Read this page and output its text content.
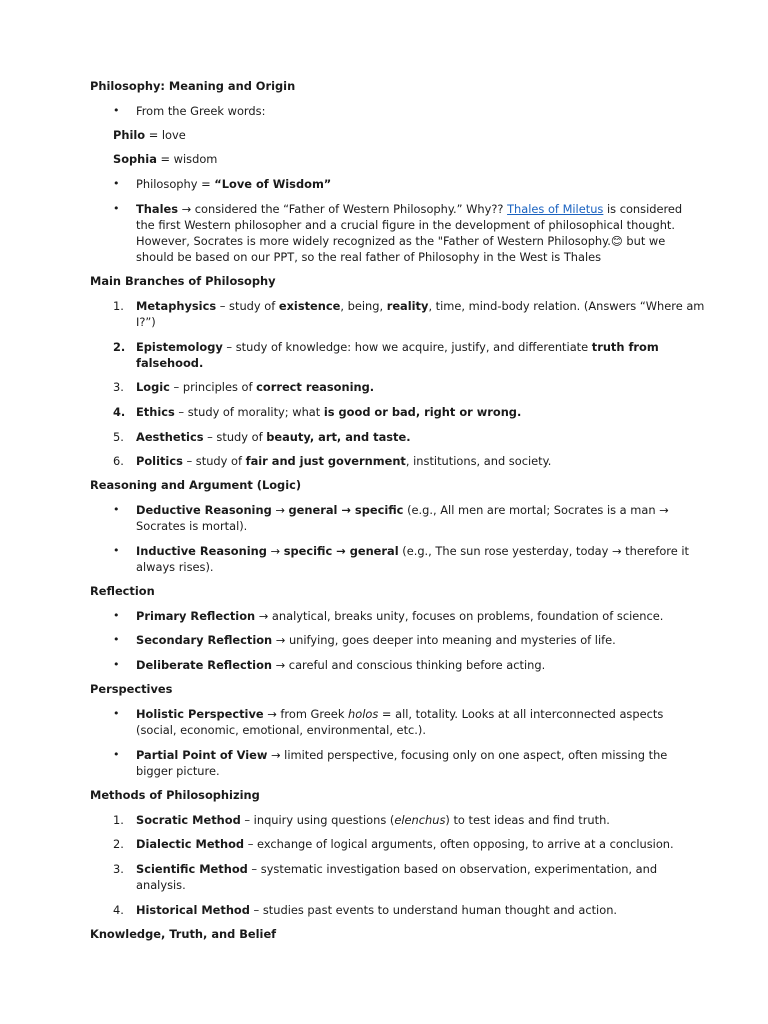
Philosophy: Meaning and Origin
• From the Greek words:
Philo = love
Sophia = wisdom
• Philosophy = “Love of Wisdom”
• Thales → considered the “Father of Western Philosophy.” Why?? Thales of Miletus is considered
the first Western philosopher and a crucial figure in the development of philosophical thought.
However, Socrates is more widely recognized as the "Father of Western Philosophy.😊 but we
should be based on our PPT, so the real father of Philosophy in the West is Thales
Main Branches of Philosophy
1. Metaphysics – study of existence, being, reality, time, mind-body relation. (Answers “Where am
I?”)
2. Epistemology – study of knowledge: how we acquire, justify, and differentiate truth from
falsehood.
3. Logic – principles of correct reasoning.
4. Ethics – study of morality; what is good or bad, right or wrong.
5. Aesthetics – study of beauty, art, and taste.
6. Politics – study of fair and just government, institutions, and society.
Reasoning and Argument (Logic)
• Deductive Reasoning → general → specific (e.g., All men are mortal; Socrates is a man →
Socrates is mortal).
• Inductive Reasoning → specific → general (e.g., The sun rose yesterday, today → therefore it
always rises).
Reflection
• Primary Reflection → analytical, breaks unity, focuses on problems, foundation of science.
• Secondary Reflection → unifying, goes deeper into meaning and mysteries of life.
• Deliberate Reflection → careful and conscious thinking before acting.
Perspectives
• Holistic Perspective → from Greek holos = all, totality. Looks at all interconnected aspects
(social, economic, emotional, environmental, etc.).
• Partial Point of View → limited perspective, focusing only on one aspect, often missing the
bigger picture.
Methods of Philosophizing
1. Socratic Method – inquiry using questions (elenchus) to test ideas and find truth.
2. Dialectic Method – exchange of logical arguments, often opposing, to arrive at a conclusion.
3. Scientific Method – systematic investigation based on observation, experimentation, and
analysis.
4. Historical Method – studies past events to understand human thought and action.
Knowledge, Truth, and Belief
